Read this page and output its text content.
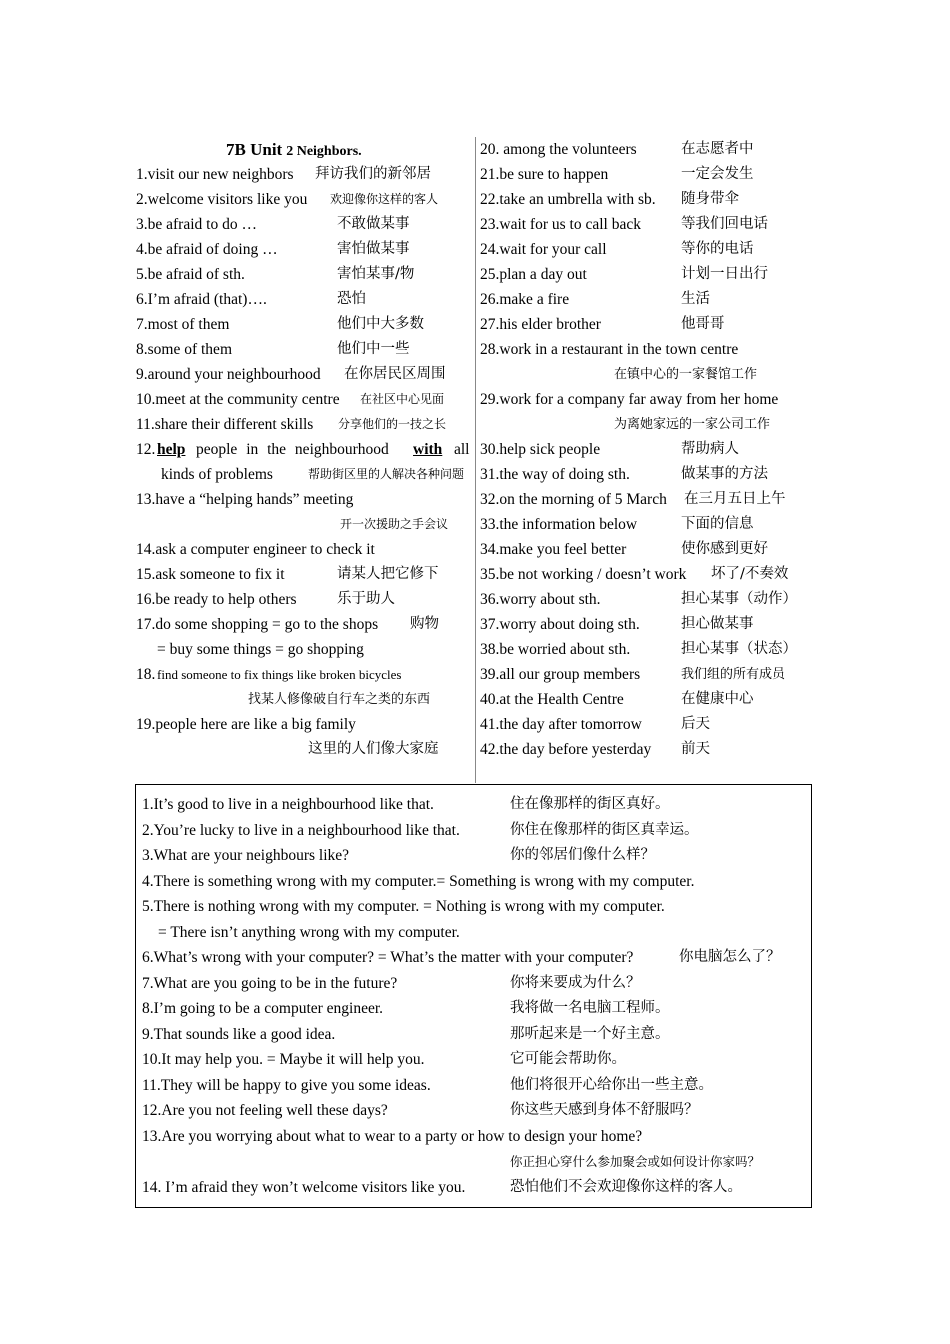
7B Unit 2 Neighbors.
1.visit our new neighbors 拜访我们的新邻居
2.welcome visitors like you 欢迎像你这样的客人
3.be afraid to do …	不敢做某事
4.be afraid of doing …	害怕做某事
5.be afraid of sth.	害怕某事/物
6.I’m afraid (that)….	恐怕
7.most of them	他们中大多数
8.some of them	他们中一些
9.around your neighbourhood 在你居民区周围
10.meet at the community centre 在社区中心见面
11.share their different skills 分享他们的一技之长
12. help people in the neighbourhood with all
kinds of problems	帮助街区里的人解决各种问题
13.have a “helping hands” meeting
开一次援助之手会议
14.ask a computer engineer to check it
15.ask someone to fix it	请某人把它修下
16.be ready to help others	乐于助人
17.do some shopping = go to the shops 购物
= buy some things = go shopping
18. find someone to fix things like broken bicycles
找某人修像破自行车之类的东西
19.people here are like a big family
这里的人们像大家庭
20. among the volunteers	在志愿者中
21.be sure to happen	一定会发生
22.take an umbrella with sb. 随身带伞
23.wait for us to call back	等我们回电话
24.wait for your call	等你的电话
25.plan a day out	计划一日出行
26.make a fire	生活
27.his elder brother	他哥哥
28.work in a restaurant in the town centre
在镇中心的一家餐馆工作
29.work for a company far away from her home
为离她家远的一家公司工作
30.help sick people	帮助病人
31.the way of doing sth.	做某事的方法
32.on the morning of 5 March 在三月五日上午
33.the information below	下面的信息
34.make you feel better	使你感到更好
35.be not working / doesn’t work 坏了/不奏效
36.worry about sth.	担心某事（动作）
37.worry about doing sth.	担心做某事
38.be worried about sth.	担心某事（状态）
39.all our group members	我们组的所有成员
40.at the Health Centre	在健康中心
41.the day after tomorrow	后天
42.the day before yesterday 前天
1.It’s good to live in a neighbourhood like that.	住在像那样的街区真好。
2.You’re lucky to live in a neighbourhood like that.	你住在像那样的街区真幸运。
3.What are your neighbours like?	你的邻居们像什么样？
4.There is something wrong with my computer.= Something is wrong with my computer.
5.There is nothing wrong with my computer. = Nothing is wrong with my computer.
= There isn’t anything wrong with my computer.
6.What’s wrong with your computer? = What’s the matter with your computer?	你电脑怎么了？
7.What are you going to be in the future?	你将来要成为什么？
8.I’m going to be a computer engineer.	我将做一名电脑工程师。
9.That sounds like a good idea.	那听起来是一个好主意。
10.It may help you. = Maybe it will help you.	它可能会帮助你。
11.They will be happy to give you some ideas.	他们将很开心给你出一些主意。
12.Are you not feeling well these days?	你这些天感到身体不舒服吗？
13.Are you worrying about what to wear to a party or how to design your home?
你正担心穿什么参加聚会或如何设计你家吗？
14. I’m afraid they won’t welcome visitors like you.	恐怕他们不会欢迎像你这样的客人。
